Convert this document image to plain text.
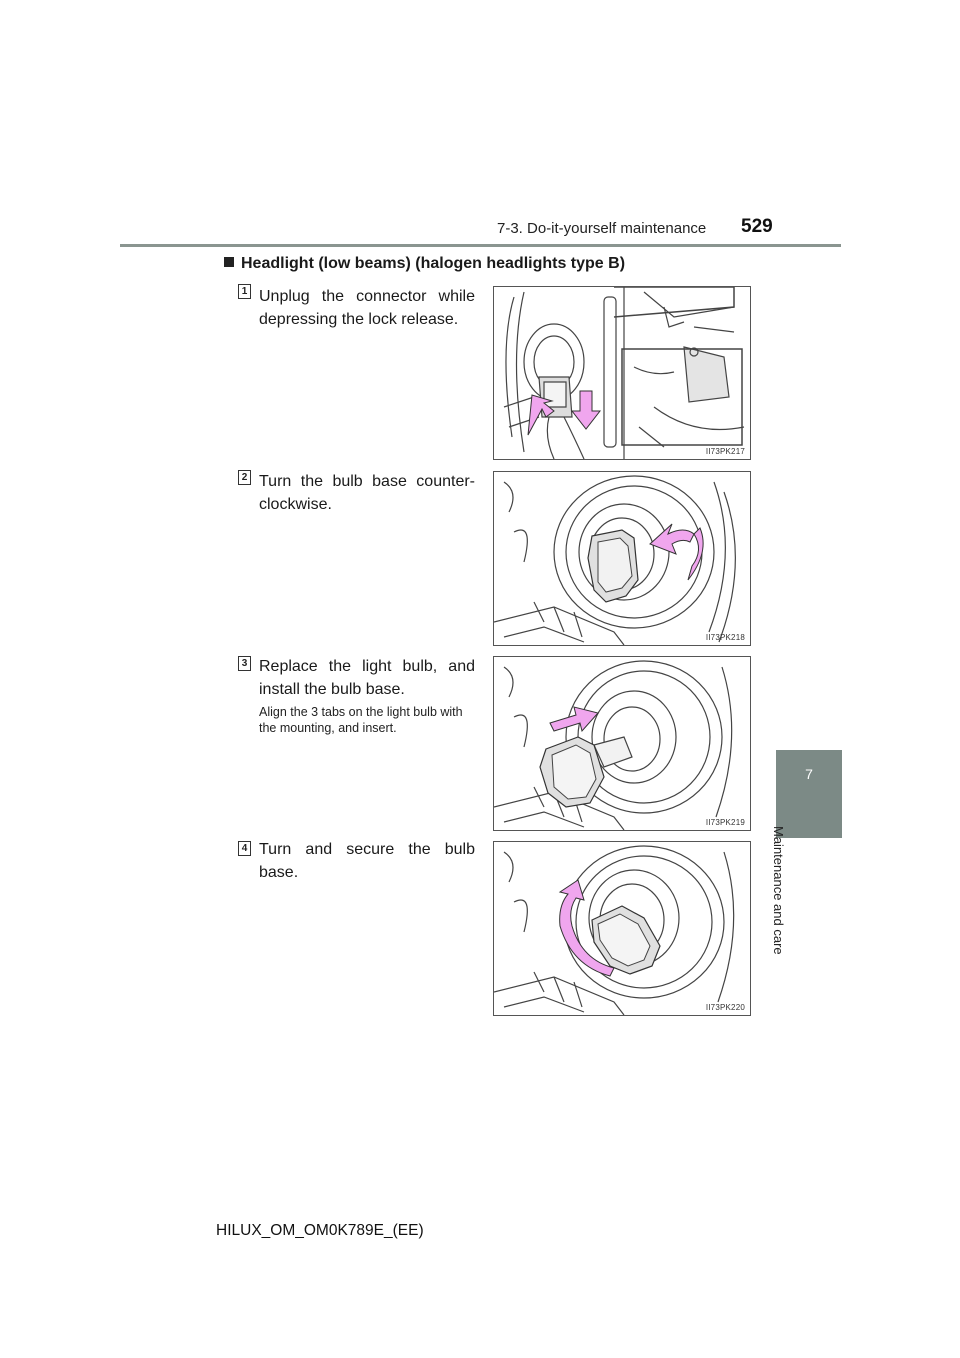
7-3. Do-it-yourself maintenance 529
7
Maintenance and care
Headlight (low beams) (halogen headlights type B)
1 Unplug the connector while depressing the lock release.
II73PK217
2 Turn the bulb base counter-clockwise.
II73PK218
3 Replace the light bulb, and install the bulb base.
Align the 3 tabs on the light bulb with the mounting, and insert.
II73PK219
4 Turn and secure the bulb base.
II73PK220
HILUX_OM_OM0K789E_(EE)
